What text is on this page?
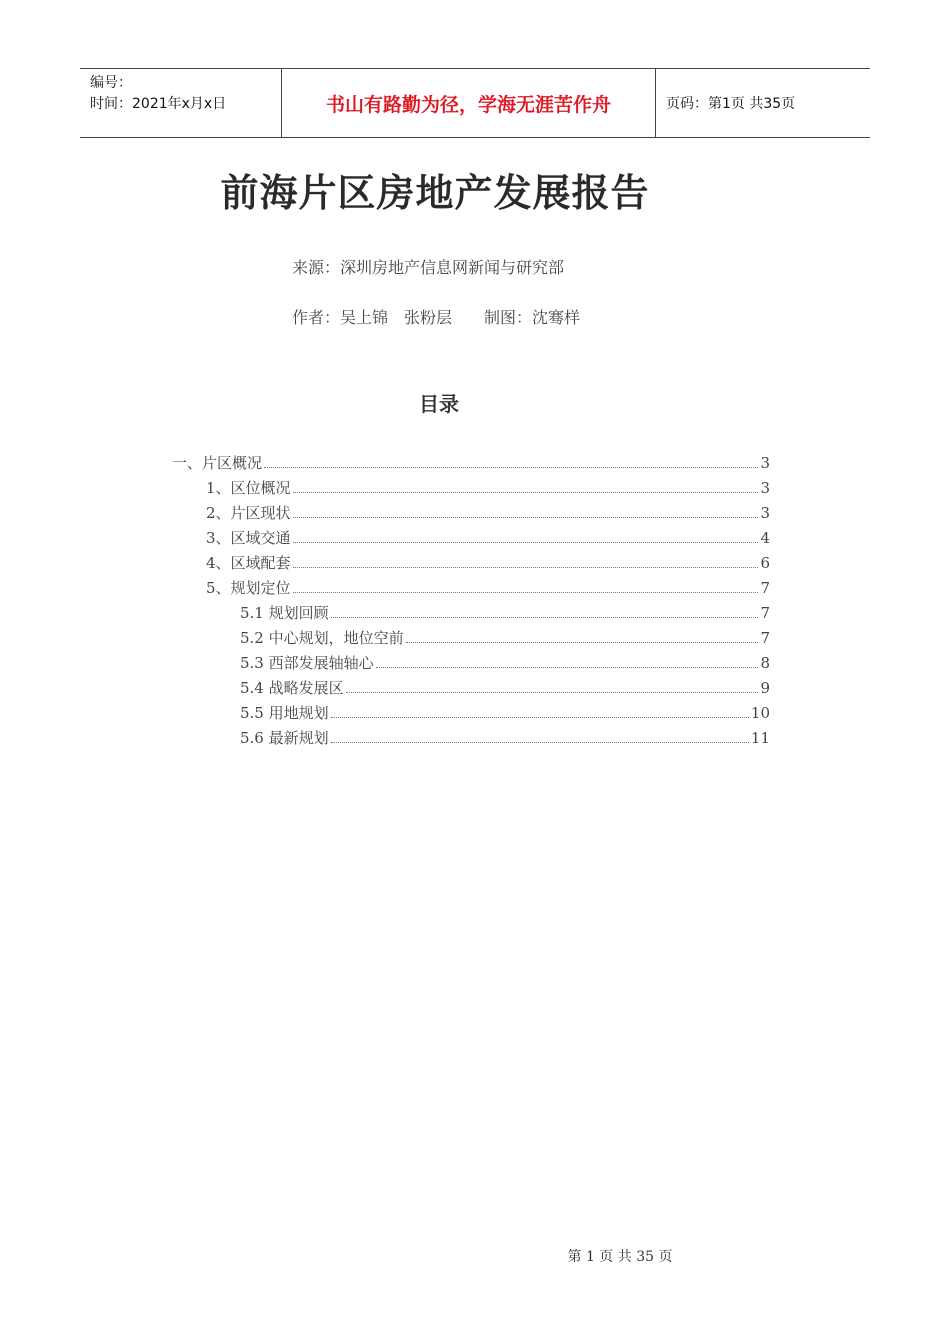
编号：
时间：2021年x月x日	书山有路勤为径，学海无涯苦作舟	页码：第1页 共35页
前海片区房地产发展报告
来源：深圳房地产信息网新闻与研究部
作者：吴上锦　张粉层　　制图：沈骞样
目录
一、片区概况	3
1、区位概况	3
2、片区现状	3
3、区域交通	4
4、区域配套	6
5、规划定位	7
5.1 规划回顾	7
5.2 中心规划，地位空前	7
5.3 西部发展轴轴心	8
5.4 战略发展区	9
5.5 用地规划	10
5.6 最新规划	11
第 1 页 共 35 页
